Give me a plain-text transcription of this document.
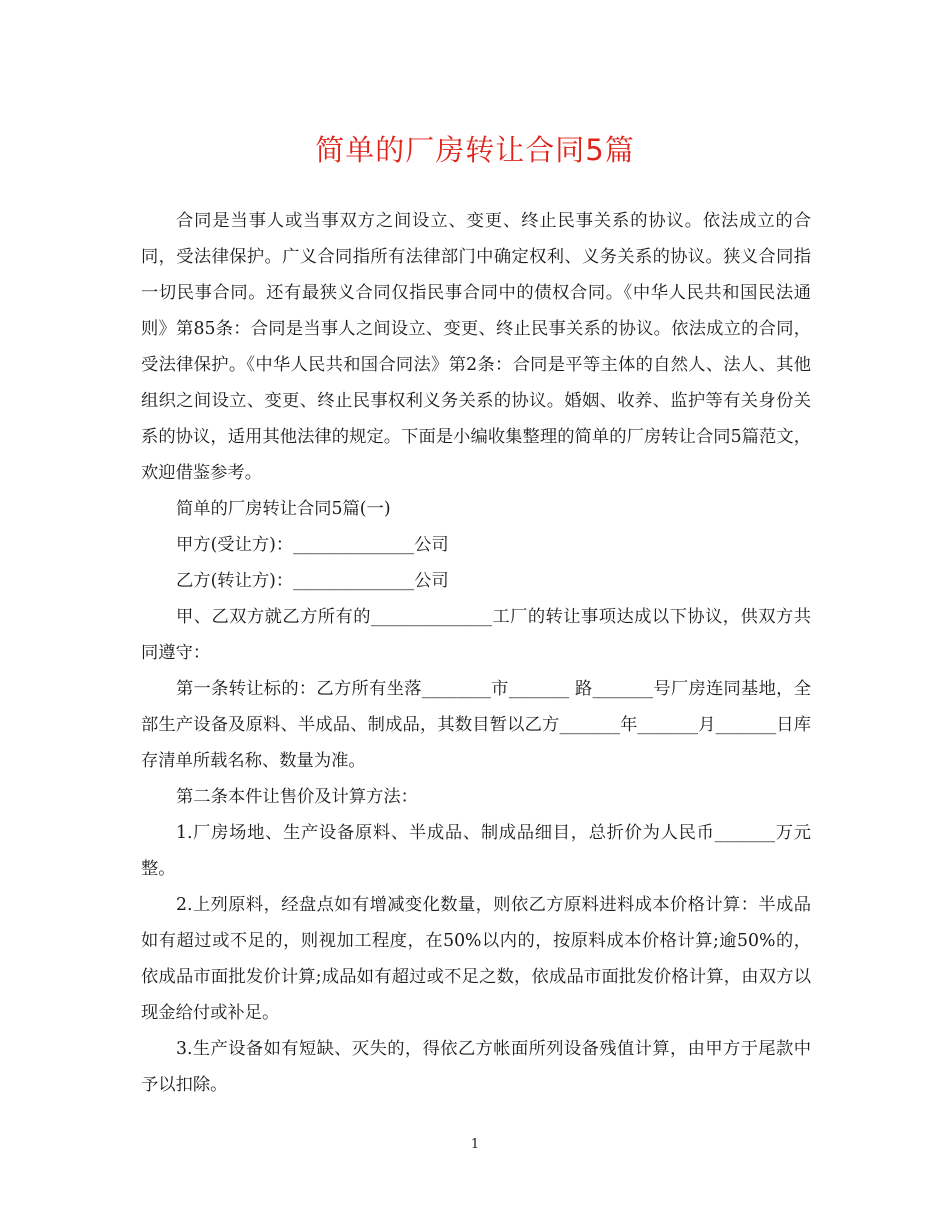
简单的厂房转让合同5篇

合同是当事人或当事双方之间设立、变更、终止民事关系的协议。依法成立的合同，受法律保护。广义合同指所有法律部门中确定权利、义务关系的协议。狭义合同指一切民事合同。还有最狭义合同仅指民事合同中的债权合同。《中华人民共和国民法通则》第85条：合同是当事人之间设立、变更、终止民事关系的协议。依法成立的合同，受法律保护。《中华人民共和国合同法》第2条：合同是平等主体的自然人、法人、其他组织之间设立、变更、终止民事权利义务关系的协议。婚姻、收养、监护等有关身份关系的协议，适用其他法律的规定。下面是小编收集整理的简单的厂房转让合同5篇范文，欢迎借鉴参考。

简单的厂房转让合同5篇(一)

甲方(受让方)：______________公司

乙方(转让方)：______________公司

甲、乙双方就乙方所有的______________工厂的转让事项达成以下协议，供双方共同遵守：

第一条转让标的：乙方所有坐落________市_______ 路_______号厂房连同基地，全部生产设备及原料、半成品、制成品，其数目暂以乙方_______年_______月_______日库存清单所载名称、数量为准。

第二条本件让售价及计算方法：

1.厂房场地、生产设备原料、半成品、制成品细目，总折价为人民币_______万元整。

2.上列原料，经盘点如有增减变化数量，则依乙方原料进料成本价格计算：半成品如有超过或不足的，则视加工程度，在50%以内的，按原料成本价格计算;逾50%的，依成品市面批发价计算;成品如有超过或不足之数，依成品市面批发价格计算，由双方以现金给付或补足。

3.生产设备如有短缺、灭失的，得依乙方帐面所列设备残值计算，由甲方于尾款中予以扣除。

1
